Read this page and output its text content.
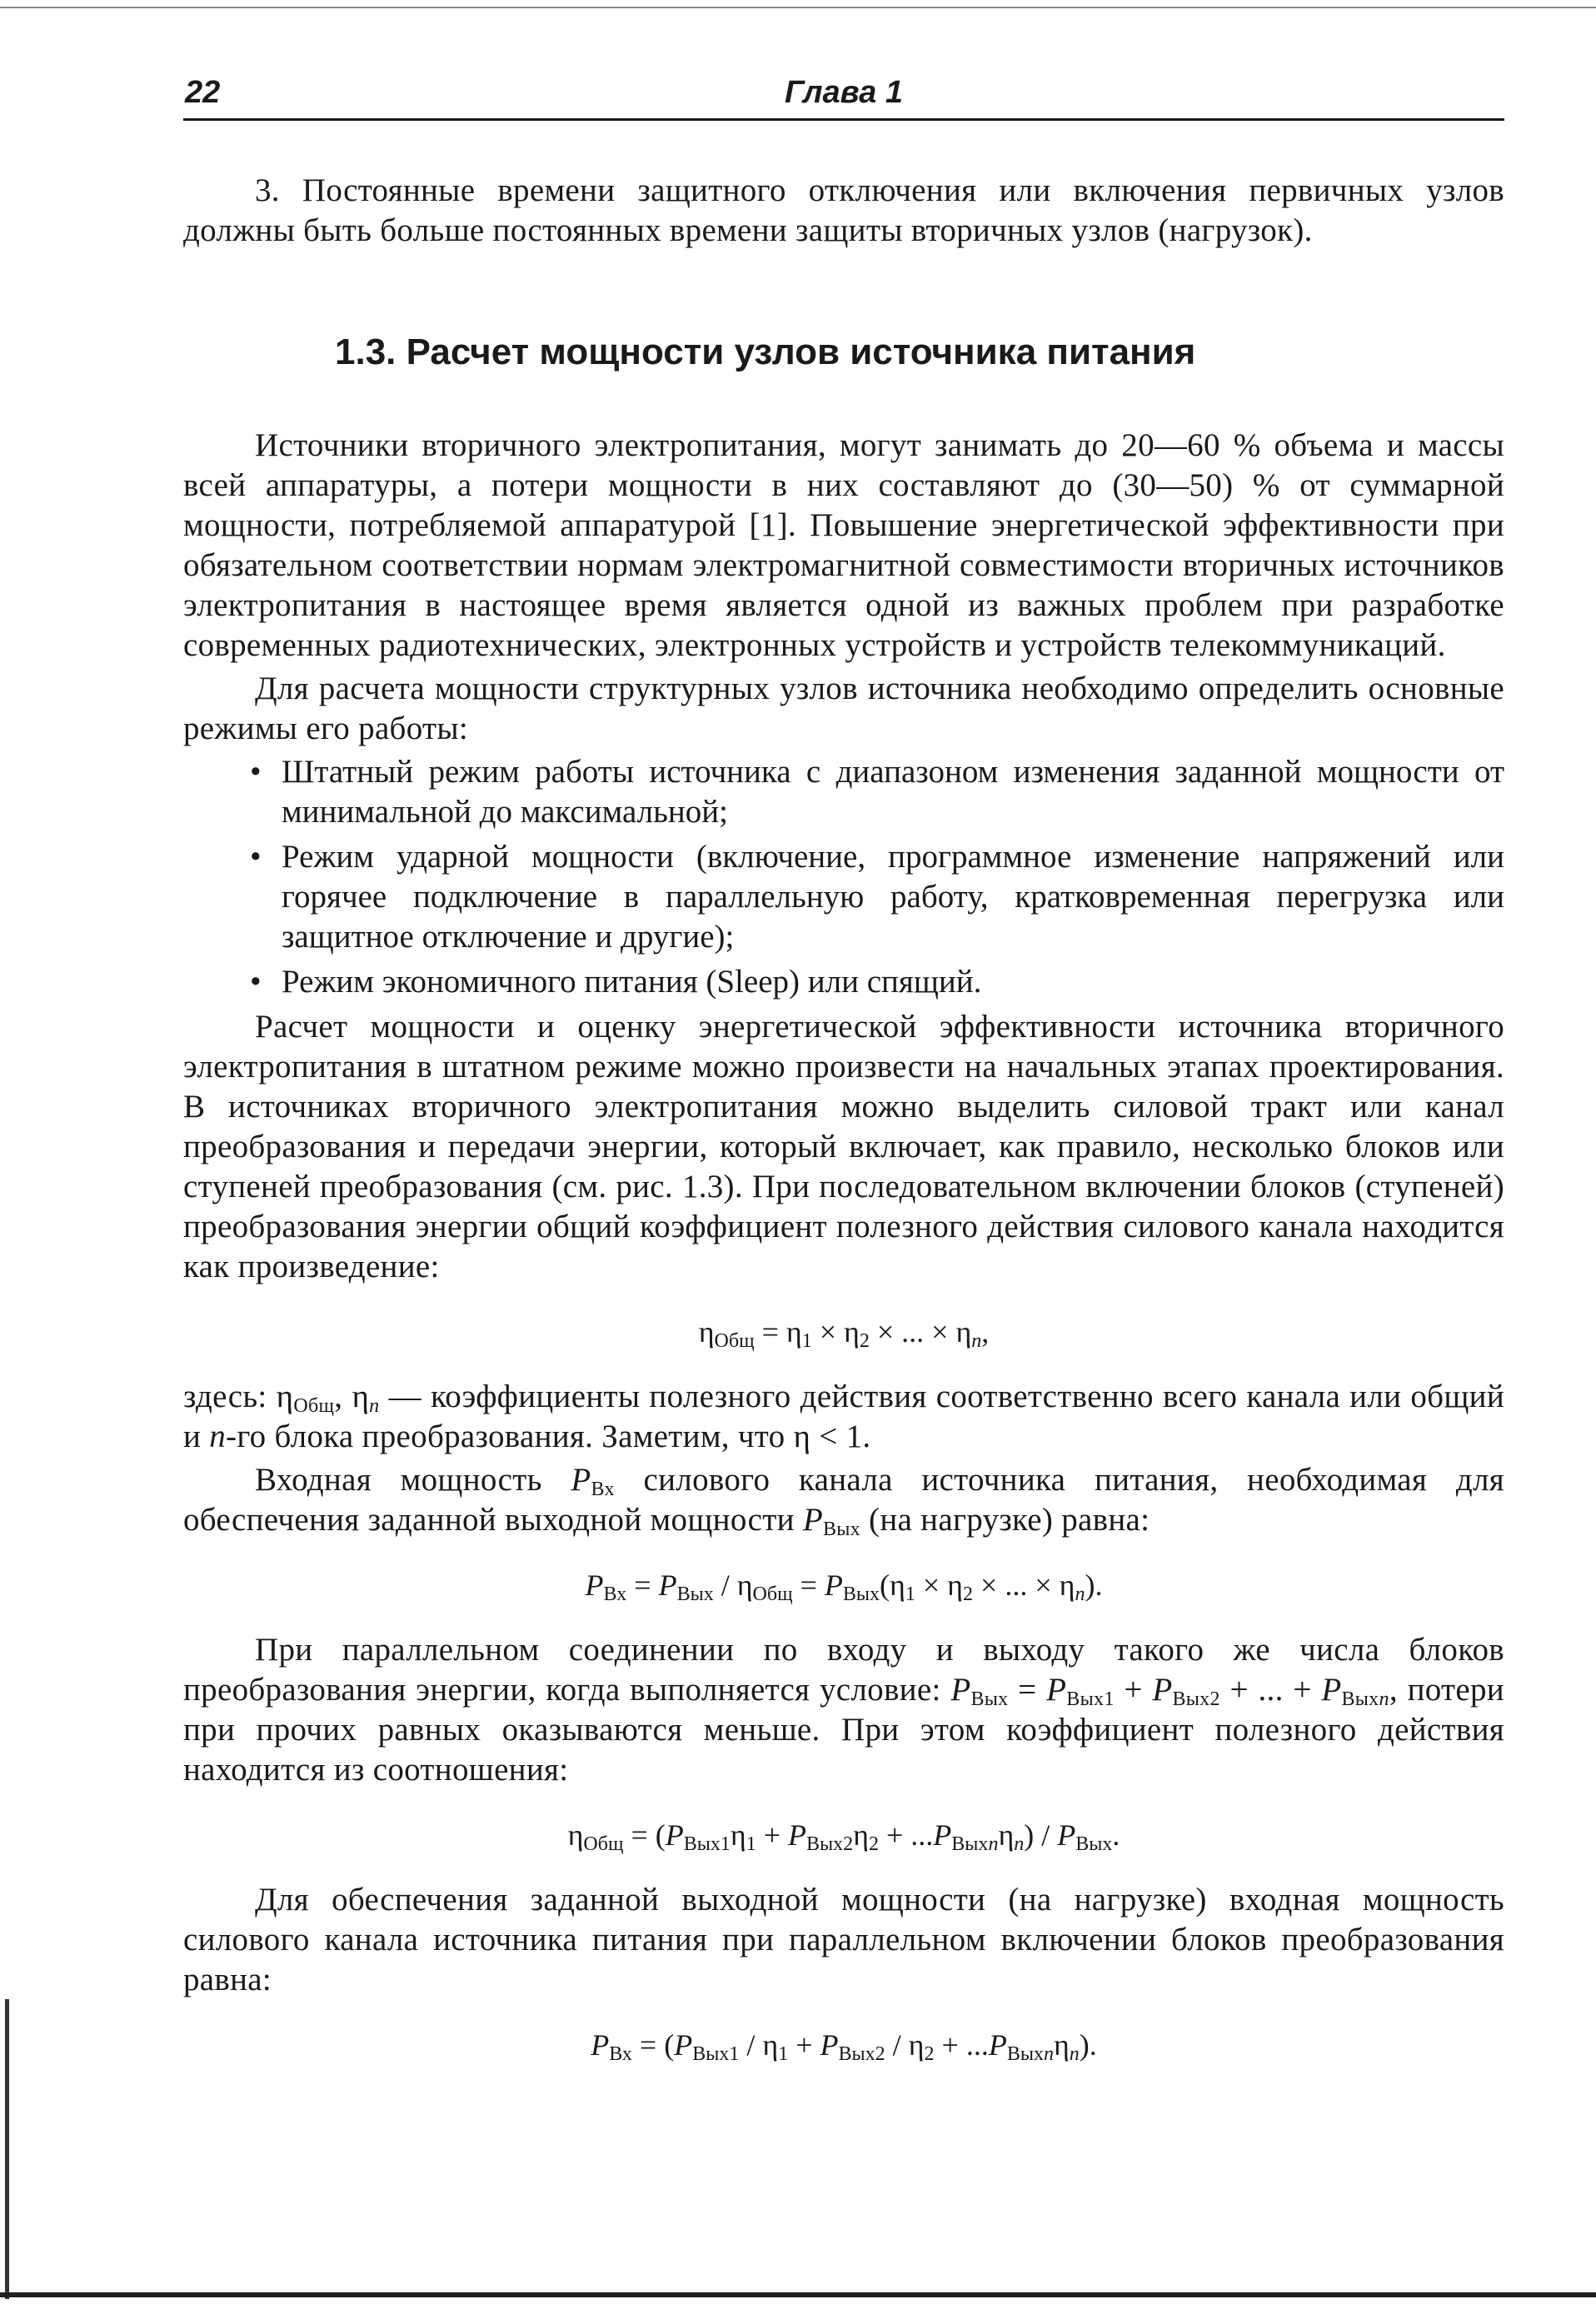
22	Глава 1

3. Постоянные времени защитного отключения или включения первичных узлов должны быть больше постоянных времени защиты вторичных узлов (нагрузок).

1.3. Расчет мощности узлов источника питания

Источники вторичного электропитания, могут занимать до 20—60 % объема и массы всей аппаратуры, а потери мощности в них составляют до (30—50) % от суммарной мощности, потребляемой аппаратурой [1]. Повышение энергетической эффективности при обязательном соответствии нормам электромагнитной совместимости вторичных источников электропитания в настоящее время является одной из важных проблем при разработке современных радиотехнических, электронных устройств и устройств телекоммуникаций.

Для расчета мощности структурных узлов источника необходимо определить основные режимы его работы:

• Штатный режим работы источника с диапазоном изменения заданной мощности от минимальной до максимальной;
• Режим ударной мощности (включение, программное изменение напряжений или горячее подключение в параллельную работу, кратковременная перегрузка или защитное отключение и другие);
• Режим экономичного питания (Sleep) или спящий.

Расчет мощности и оценку энергетической эффективности источника вторичного электропитания в штатном режиме можно произвести на начальных этапах проектирования. В источниках вторичного электропитания можно выделить силовой тракт или канал преобразования и передачи энергии, который включает, как правило, несколько блоков или ступеней преобразования (см. рис. 1.3). При последовательном включении блоков (ступеней) преобразования энергии общий коэффициент полезного действия силового канала находится как произведение:

$\eta_{Общ} = \eta_1 \times \eta_2$ × ... × $\eta_n$,

здесь: $\eta_{Общ}$, $\eta_n$ — коэффициенты полезного действия соответственно всего канала или общий и n-го блока преобразования. Заметим, что η < 1.

Входная мощность $P_{Вх}$ силового канала источника питания, необходимая для обеспечения заданной выходной мощности $P_{Вых}$ (на нагрузке) равна:

$P_{Вх} = P_{Вых} / \eta_{Общ} = P_{Вых}(\eta_1 \times \eta_2$ × ... × $\eta_n$).

При параллельном соединении по входу и выходу такого же числа блоков преобразования энергии, когда выполняется условие: $P_{Вых} = P_{Вых1} + P_{Вых2}$ + ... + $P_{Выхn}$, потери при прочих равных оказываются меньше. При этом коэффициент полезного действия находится из соотношения:

$\eta_{Общ} = (P_{Вых1}\eta_1 + P_{Вых2}\eta_2 + ...P_{Выхn}\eta_n) / P_{Вых}$.

Для обеспечения заданной выходной мощности (на нагрузке) входная мощность силового канала источника питания при параллельном включении блоков преобразования равна:

$P_{Вх} = (P_{Вых1} / \eta_1 + P_{Вых2} / \eta_2 + ...P_{Выхn}\eta_n)$.
